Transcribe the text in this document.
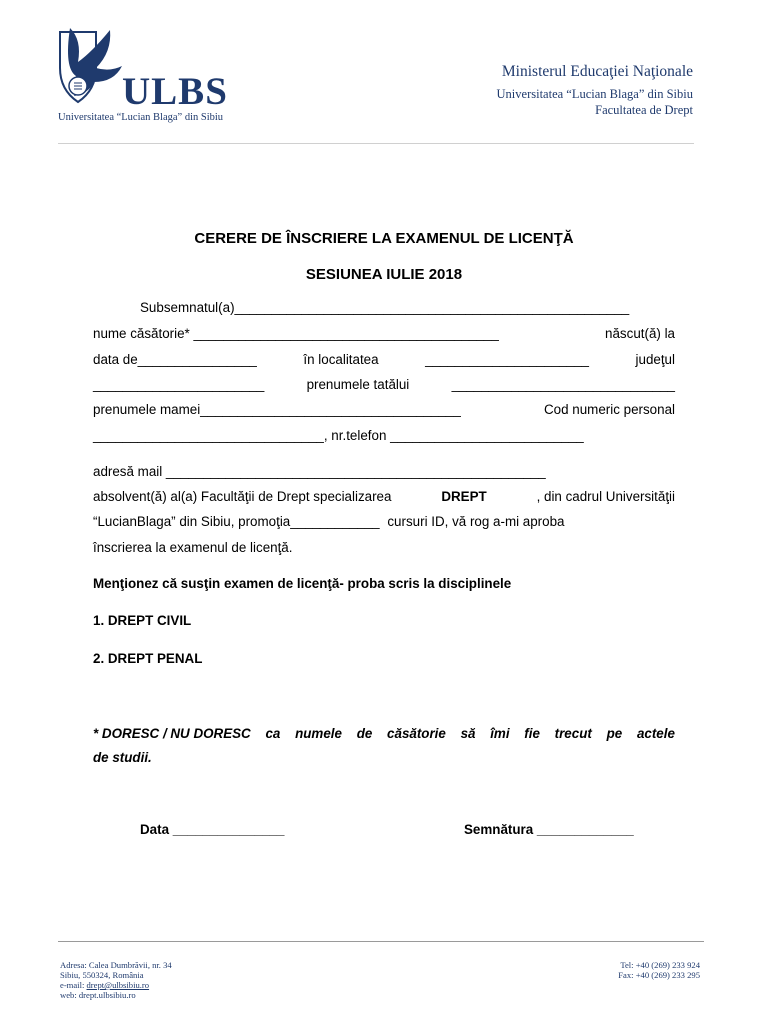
ULBS
Universitatea “Lucian Blaga” din Sibiu
Ministerul Educaţiei Naţionale
Universitatea “Lucian Blaga” din Sibiu
Facultatea de Drept
CERERE DE ÎNSCRIERE LA EXAMENUL DE LICENŢĂ
SESIUNEA IULIE 2018
Subsemnatul(a)_____________________________________________________
nume căsătorie* _________________________________________	născut(ă) la
data de________________	în localitatea	______________________	judeţul
_______________________	prenumele tatălui	______________________________
prenumele mamei___________________________________	Cod numeric personal
_______________________________, nr.telefon __________________________
adresă mail ___________________________________________________
absolvent(ă) al(a) Facultăţii de Drept specializarea	DREPT	, din cadrul Universităţii
“LucianBlaga” din Sibiu, promoţia____________ cursuri ID, vă rog a-mi aproba
înscrierea la examenul de licenţă.
Menţionez că susţin examen de licenţă- proba scris la disciplinele
1. DREPT CIVIL
2. DREPT PENAL
* DORESC / NU DORESC ca numele de căsătorie să îmi fie trecut pe actele
de studii.
Data _______________	Semnătura _____________
Adresa: Calea Dumbrăvii, nr. 34
Sibiu, 550324, România
e-mail: drept@ulbsibiu.ro
web: drept.ulbsibiu.ro
Tel: +40 (269) 233 924
Fax: +40 (269) 233 295
